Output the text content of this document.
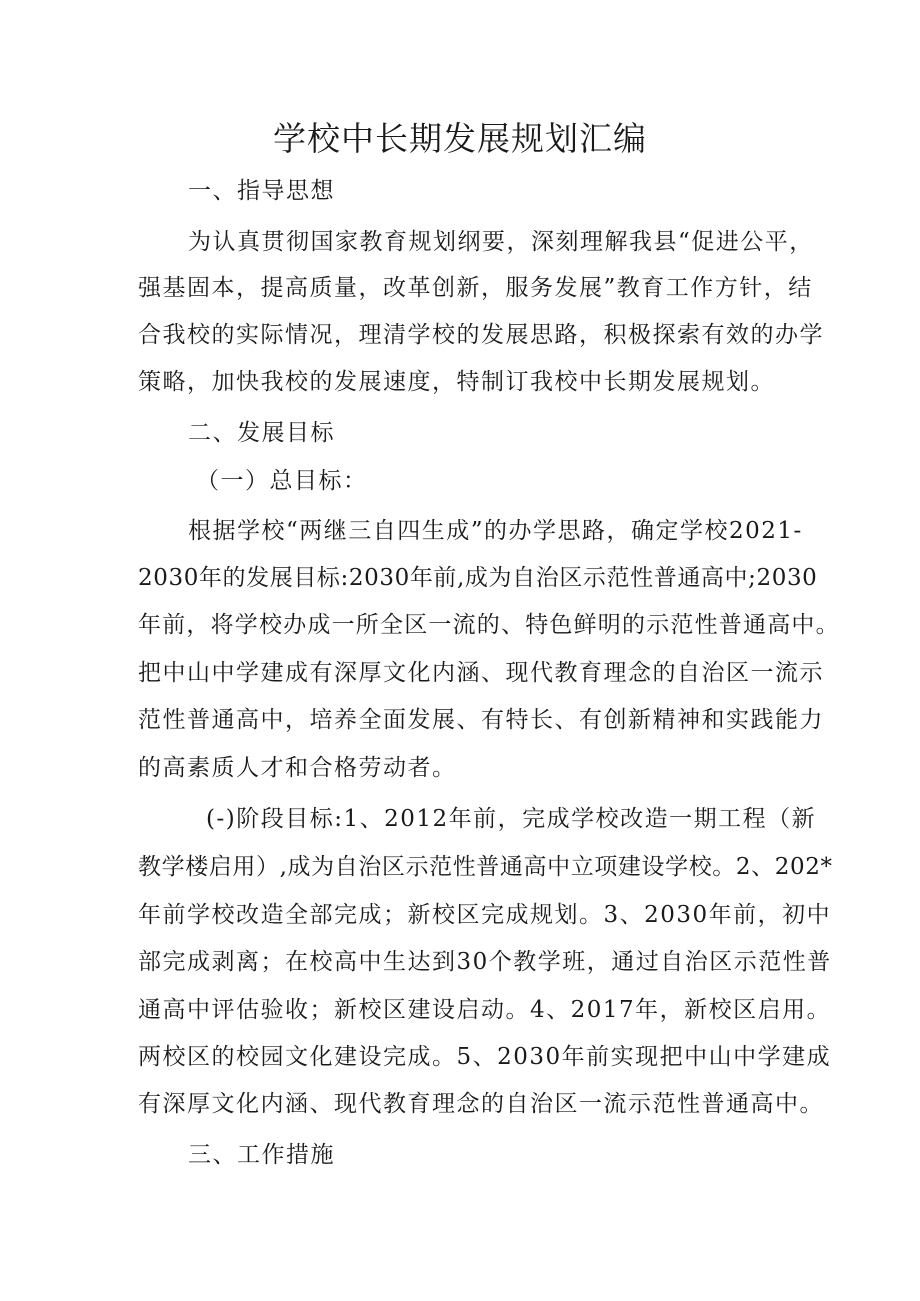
学校中长期发展规划汇编

一、指导思想

为认真贯彻国家教育规划纲要，深刻理解我县“促进公平，

强基固本，提高质量，改革创新，服务发展”教育工作方针，结

合我校的实际情况，理清学校的发展思路，积极探索有效的办学

策略，加快我校的发展速度，特制订我校中长期发展规划。

二、发展目标

（一）总目标：

根据学校“两继三自四生成”的办学思路，确定学校2021-

2030年的发展目标:2030年前,成为自治区示范性普通高中;2030

年前，将学校办成一所全区一流的、特色鲜明的示范性普通高中。

把中山中学建成有深厚文化内涵、现代教育理念的自治区一流示

范性普通高中，培养全面发展、有特长、有创新精神和实践能力

的高素质人才和合格劳动者。

(-)阶段目标:1、2012年前，完成学校改造一期工程（新

教学楼启用）,成为自治区示范性普通高中立项建设学校。2、202*

年前学校改造全部完成；新校区完成规划。3、2030年前，初中

部完成剥离；在校高中生达到30个教学班，通过自治区示范性普

通高中评估验收；新校区建设启动。4、2017年，新校区启用。

两校区的校园文化建设完成。5、2030年前实现把中山中学建成

有深厚文化内涵、现代教育理念的自治区一流示范性普通高中。

三、工作措施
